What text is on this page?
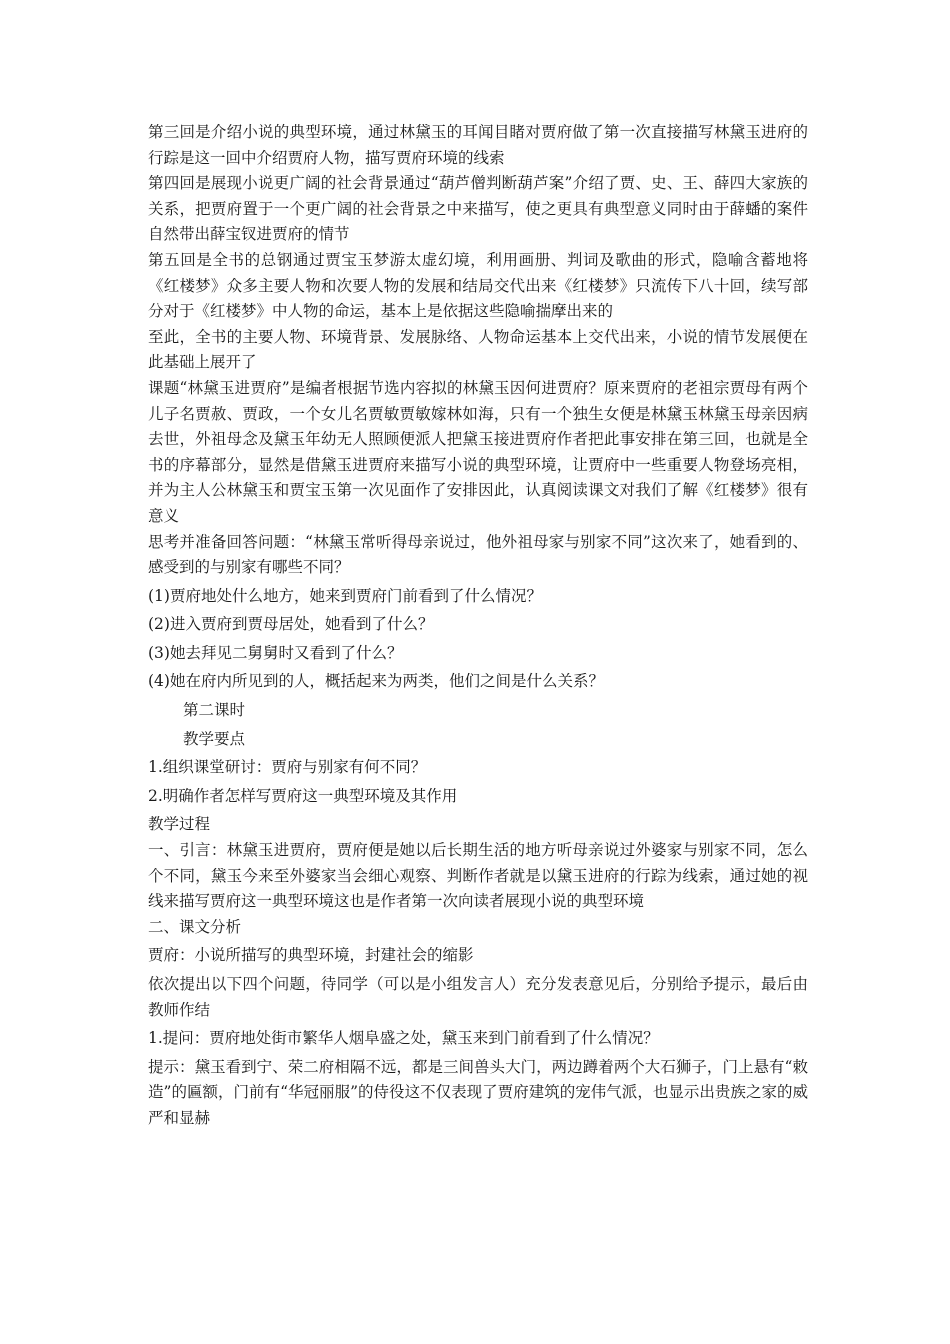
第三回是介绍小说的典型环境，通过林黛玉的耳闻目睹对贾府做了第一次直接描写林黛玉进府的行踪是这一回中介绍贾府人物，描写贾府环境的线索

第四回是展现小说更广阔的社会背景通过“葫芦僧判断葫芦案”介绍了贾、史、王、薛四大家族的关系，把贾府置于一个更广阔的社会背景之中来描写，使之更具有典型意义同时由于薛蟠的案件自然带出薛宝钗进贾府的情节

第五回是全书的总钢通过贾宝玉梦游太虚幻境，利用画册、判词及歌曲的形式，隐喻含蓄地将《红楼梦》众多主要人物和次要人物的发展和结局交代出来《红楼梦》只流传下八十回，续写部分对于《红楼梦》中人物的命运，基本上是依据这些隐喻揣摩出来的

至此，全书的主要人物、环境背景、发展脉络、人物命运基本上交代出来，小说的情节发展便在此基础上展开了

课题“林黛玉进贾府”是编者根据节选内容拟的林黛玉因何进贾府？原来贾府的老祖宗贾母有两个儿子名贾赦、贾政，一个女儿名贾敏贾敏嫁林如海，只有一个独生女便是林黛玉林黛玉母亲因病去世，外祖母念及黛玉年幼无人照顾便派人把黛玉接进贾府作者把此事安排在第三回，也就是全书的序幕部分，显然是借黛玉进贾府来描写小说的典型环境，让贾府中一些重要人物登场亮相，并为主人公林黛玉和贾宝玉第一次见面作了安排因此，认真阅读课文对我们了解《红楼梦》很有意义

思考并准备回答问题：“林黛玉常听得母亲说过，他外祖母家与别家不同”这次来了，她看到的、感受到的与别家有哪些不同？

(1)贾府地处什么地方，她来到贾府门前看到了什么情况？

(2)进入贾府到贾母居处，她看到了什么？

(3)她去拜见二舅舅时又看到了什么？

(4)她在府内所见到的人，概括起来为两类，他们之间是什么关系？

第二课时

教学要点

1.组织课堂研讨：贾府与别家有何不同？

2.明确作者怎样写贾府这一典型环境及其作用

教学过程

一、引言：林黛玉进贾府，贾府便是她以后长期生活的地方听母亲说过外婆家与别家不同，怎么个不同，黛玉今来至外婆家当会细心观察、判断作者就是以黛玉进府的行踪为线索，通过她的视线来描写贾府这一典型环境这也是作者第一次向读者展现小说的典型环境

二、课文分析

贾府：小说所描写的典型环境，封建社会的缩影

依次提出以下四个问题，待同学（可以是小组发言人）充分发表意见后，分别给予提示，最后由教师作结

1.提问：贾府地处街市繁华人烟阜盛之处，黛玉来到门前看到了什么情况？

提示：黛玉看到宁、荣二府相隔不远，都是三间兽头大门，两边蹲着两个大石狮子，门上悬有“敕造”的匾额，门前有“华冠丽服”的侍役这不仅表现了贾府建筑的宠伟气派，也显示出贵族之家的威严和显赫
